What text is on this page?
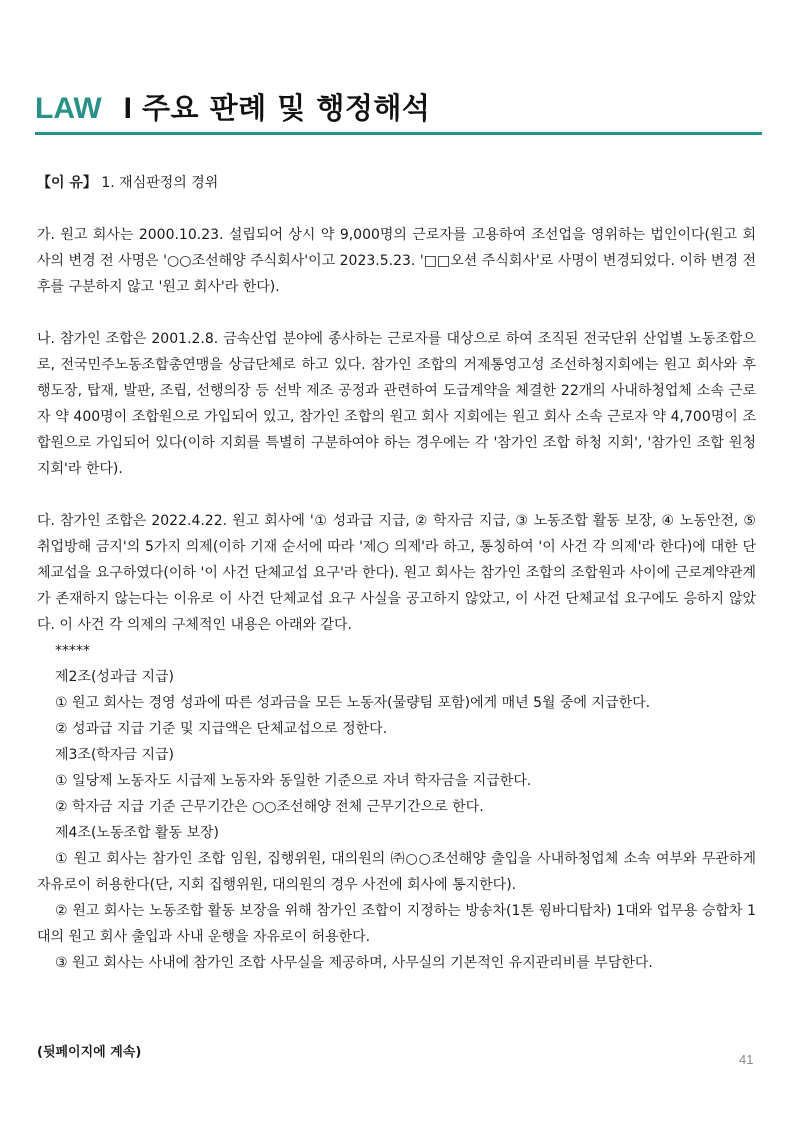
LAW I 주요 판례 및 행정해석

【이 유】 1. 재심판정의 경위

가. 원고 회사는 2000.10.23. 설립되어 상시 약 9,000명의 근로자를 고용하여 조선업을 영위하는 법인이다(원고 회사의 변경 전 사명은 '○○조선해양 주식회사'이고 2023.5.23. '□□오션 주식회사'로 사명이 변경되었다. 이하 변경 전후를 구분하지 않고 '원고 회사'라 한다).

나. 참가인 조합은 2001.2.8. 금속산업 분야에 종사하는 근로자를 대상으로 하여 조직된 전국단위 산업별 노동조합으로, 전국민주노동조합총연맹을 상급단체로 하고 있다. 참가인 조합의 거제통영고성 조선하청지회에는 원고 회사와 후행도장, 탑재, 발판, 조립, 선행의장 등 선박 제조 공정과 관련하여 도급계약을 체결한 22개의 사내하청업체 소속 근로자 약 400명이 조합원으로 가입되어 있고, 참가인 조합의 원고 회사 지회에는 원고 회사 소속 근로자 약 4,700명이 조합원으로 가입되어 있다(이하 지회를 특별히 구분하여야 하는 경우에는 각 '참가인 조합 하청 지회', '참가인 조합 원청 지회'라 한다).

다. 참가인 조합은 2022.4.22. 원고 회사에 '① 성과급 지급, ② 학자금 지급, ③ 노동조합 활동 보장, ④ 노동안전, ⑤ 취업방해 금지'의 5가지 의제(이하 기재 순서에 따라 '제○ 의제'라 하고, 통칭하여 '이 사건 각 의제'라 한다)에 대한 단체교섭을 요구하였다(이하 '이 사건 단체교섭 요구'라 한다). 원고 회사는 참가인 조합의 조합원과 사이에 근로계약관계가 존재하지 않는다는 이유로 이 사건 단체교섭 요구 사실을 공고하지 않았고, 이 사건 단체교섭 요구에도 응하지 않았다. 이 사건 각 의제의 구체적인 내용은 아래와 같다.

*****

제2조(성과급 지급)

① 원고 회사는 경영 성과에 따른 성과금을 모든 노동자(물량팀 포함)에게 매년 5월 중에 지급한다.

② 성과급 지급 기준 및 지급액은 단체교섭으로 정한다.

제3조(학자금 지급)

① 일당제 노동자도 시급제 노동자와 동일한 기준으로 자녀 학자금을 지급한다.

② 학자금 지급 기준 근무기간은 ○○조선해양 전체 근무기간으로 한다.

제4조(노동조합 활동 보장)

① 원고 회사는 참가인 조합 임원, 집행위원, 대의원의 ㈜○○조선해양 출입을 사내하청업체 소속 여부와 무관하게 자유로이 허용한다(단, 지회 집행위원, 대의원의 경우 사전에 회사에 통지한다).

② 원고 회사는 노동조합 활동 보장을 위해 참가인 조합이 지정하는 방송차(1톤 윙바디탑차) 1대와 업무용 승합차 1대의 원고 회사 출입과 사내 운행을 자유로이 허용한다.

③ 원고 회사는 사내에 참가인 조합 사무실을 제공하며, 사무실의 기본적인 유지관리비를 부담한다.

(뒷페이지에 계속)	41
